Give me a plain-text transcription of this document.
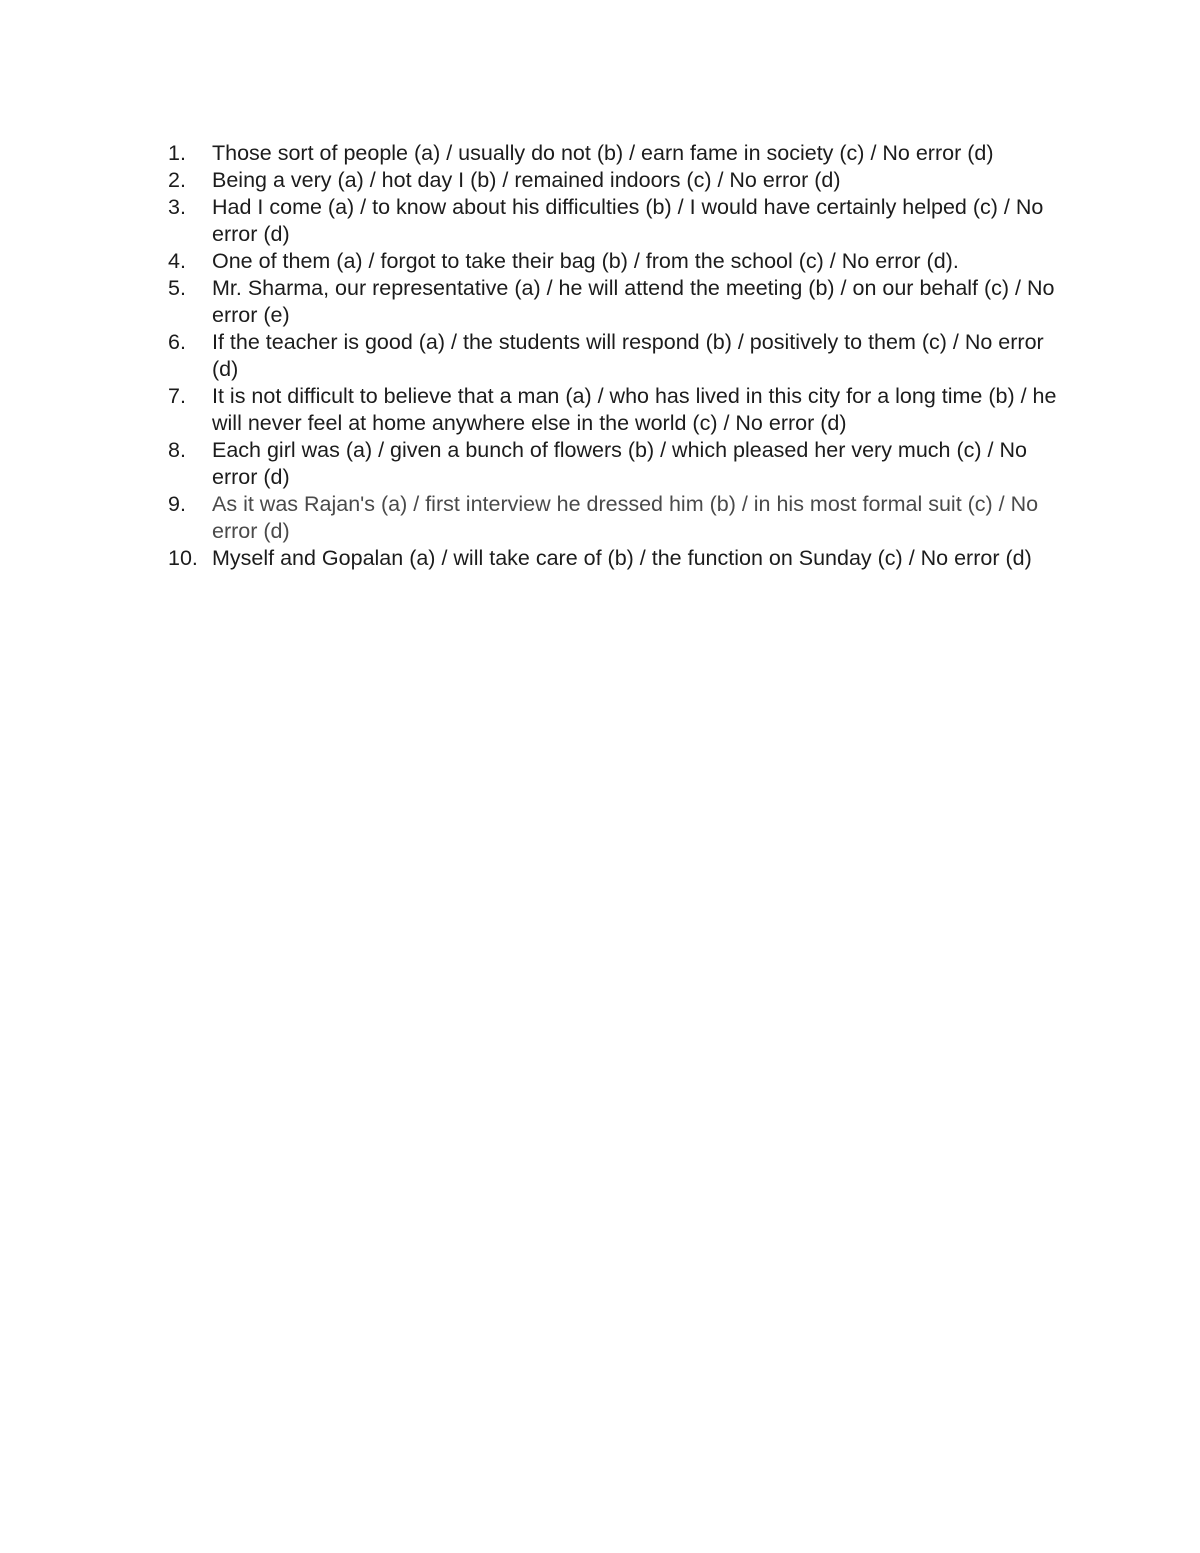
1.	Those sort of people (a) / usually do not (b) / earn fame in society (c) / No error (d)
2.	Being a very (a) / hot day I (b) / remained indoors (c) / No error (d)
3.	Had I come (a) / to know about his difficulties (b) / I would have certainly helped (c) / No error (d)
4.	One of them (a) / forgot to take their bag (b) / from the school (c) / No error (d).
5.	Mr. Sharma, our representative (a) / he will attend the meeting (b) / on our behalf (c) / No error (e)
6.	If the teacher is good (a) / the students will respond (b) / positively to them (c) / No error (d)
7.	It is not difficult to believe that a man (a) / who has lived in this city for a long time (b) / he will never feel at home anywhere else in the world (c) / No error (d)
8.	Each girl was (a) / given a bunch of flowers (b) / which pleased her very much (c) / No error (d)
9.	As it was Rajan's (a) / first interview he dressed him (b) / in his most formal suit (c) / No error (d)
10. Myself and Gopalan (a) / will take care of (b) / the function on Sunday (c) / No error (d)
